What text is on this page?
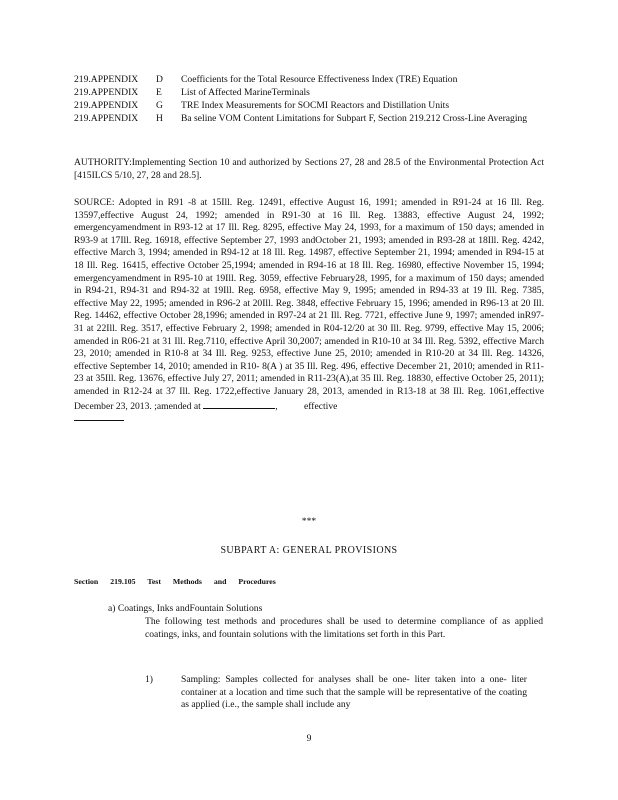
219.APPENDIX D Coefficients for the Total Resource Effectiveness Index (TRE) Equation
219.APPENDIX E List of Affected MarineTerminals
219.APPENDIX G TRE Index Measurements for SOCMI Reactors and Distillation Units
219.APPENDIX H Ba seline VOM Content Limitations for Subpart F, Section 219.212 Cross-Line Averaging
AUTHORITY:Implementing Section 10 and authorized by Sections 27, 28 and 28.5 of the Environmental Protection Act [415ILCS 5/10, 27, 28 and 28.5].
SOURCE: Adopted in R91 -8 at 15Ill. Reg. 12491, effective August 16, 1991; amended in R91-24 at 16 Ill. Reg. 13597,effective August 24, 1992; amended in R91-30 at 16 Ill. Reg. 13883, effective August 24, 1992; emergencyamendment in R93-12 at 17 Ill. Reg. 8295, effective May 24, 1993, for a maximum of 150 days; amended in R93-9 at 17Ill. Reg. 16918, effective September 27, 1993 andOctober 21, 1993; amended in R93-28 at 18Ill. Reg. 4242, effective March 3, 1994; amended in R94-12 at 18 Ill. Reg. 14987, effective September 21, 1994; amended in R94-15 at 18 Ill. Reg. 16415, effective October 25,1994; amended in R94-16 at 18 Ill. Reg. 16980, effective November 15, 1994; emergencyamendment in R95-10 at 19Ill. Reg. 3059, effective February28, 1995, for a maximum of 150 days; amended in R94-21, R94-31 and R94-32 at 19Ill. Reg. 6958, effective May 9, 1995; amended in R94-33 at 19 Ill. Reg. 7385, effective May 22, 1995; amended in R96-2 at 20Ill. Reg. 3848, effective February 15, 1996; amended in R96-13 at 20 Ill. Reg. 14462, effective October 28,1996; amended in R97-24 at 21 Ill. Reg. 7721, effective June 9, 1997; amended inR97-31 at 22Ill. Reg. 3517, effective February 2, 1998; amended in R04-12/20 at 30 Ill. Reg. 9799, effective May 15, 2006; amended in R06-21 at 31 Ill. Reg.7110, effective April 30,2007; amended in R10-10 at 34 Ill. Reg. 5392, effective March 23, 2010; amended in R10-8 at 34 Ill. Reg. 9253, effective June 25, 2010; amended in R10-20 at 34 Ill. Reg. 14326, effective September 14, 2010; amended in R10- 8(A ) at 35 Ill. Reg. 496, effective December 21, 2010; amended in R11-23 at 35Ill. Reg. 13676, effective July 27, 2011; amended in R11-23(A),at 35 Ill. Reg. 18830, effective October 25, 2011); amended in R12-24 at 37 Ill. Reg. 1722,effective January 28, 2013, amended in R13-18 at 38 Ill. Reg. 1061,effective December 23, 2013. ;amended at	,	effective

***
SUBPART A: GENERAL PROVISIONS
Section 219.105 Test Methods and Procedures
a) Coatings, Inks andFountain Solutions
The following test methods and procedures shall be used to determine compliance of as applied coatings, inks, and fountain solutions with the limitations set forth in this Part.
1)	Sampling: Samples collected for analyses shall be one- liter taken into a one- liter container at a location and time such that the sample will be representative of the coating as applied (i.e., the sample shall include any
9
